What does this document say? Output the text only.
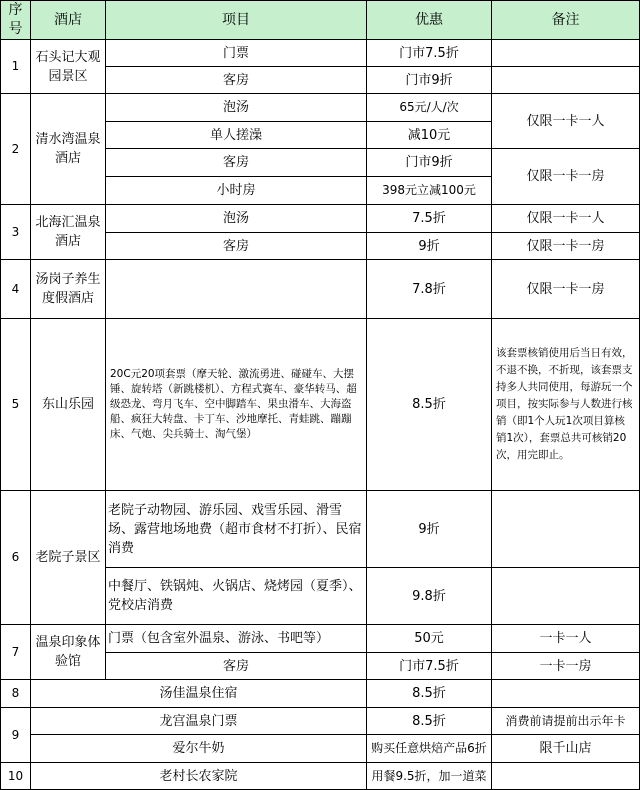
序号	酒店	项目	优惠	备注
1	石头记大观园景区	门票	门市7.5折	
		客房	门市9折	
2	清水湾温泉酒店	泡汤	65元/人/次	仅限一卡一人
		单人搓澡	减10元	
		客房	门市9折	仅限一卡一房
		小时房	398元立减100元	
3	北海汇温泉酒店	泡汤	7.5折	仅限一卡一人
		客房	9折	仅限一卡一房
4	汤岗子养生度假酒店		7.8折	仅限一卡一房
5	东山乐园	20C元20项套票（摩天轮、激流勇进、碰碰车、大摆锤、旋转塔（新跳楼机）、方程式赛车、豪华转马、超级恐龙、弯月飞车、空中脚踏车、果虫滑车、大海盗船、疯狂大转盘、卡丁车、沙地摩托、青蛙跳、蹦蹦床、气炮、尖兵骑士、淘气堡）	8.5折	该套票核销使用后当日有效，不退不换，不折现，该套票支持多人共同使用，每游玩一个项目，按实际参与人数进行核销（即1个人玩1次项目算核销1次），套票总共可核销20次，用完即止。
6	老院子景区	老院子动物园、游乐园、戏雪乐园、滑雪场、露营地场地费（超市食材不打折）、民宿消费	9折	
		中餐厅、铁锅炖、火锅店、烧烤园（夏季）、党校店消费	9.8折	
7	温泉印象体验馆	门票（包含室外温泉、游泳、书吧等）	50元	一卡一人
		客房	门市7.5折	一卡一房
8	汤佳温泉住宿		8.5折	
9	龙宫温泉门票		8.5折	消费前请提前出示年卡
	爱尔牛奶		购买任意烘焙产品6折	限千山店
10	老村长农家院		用餐9.5折，加一道菜	
